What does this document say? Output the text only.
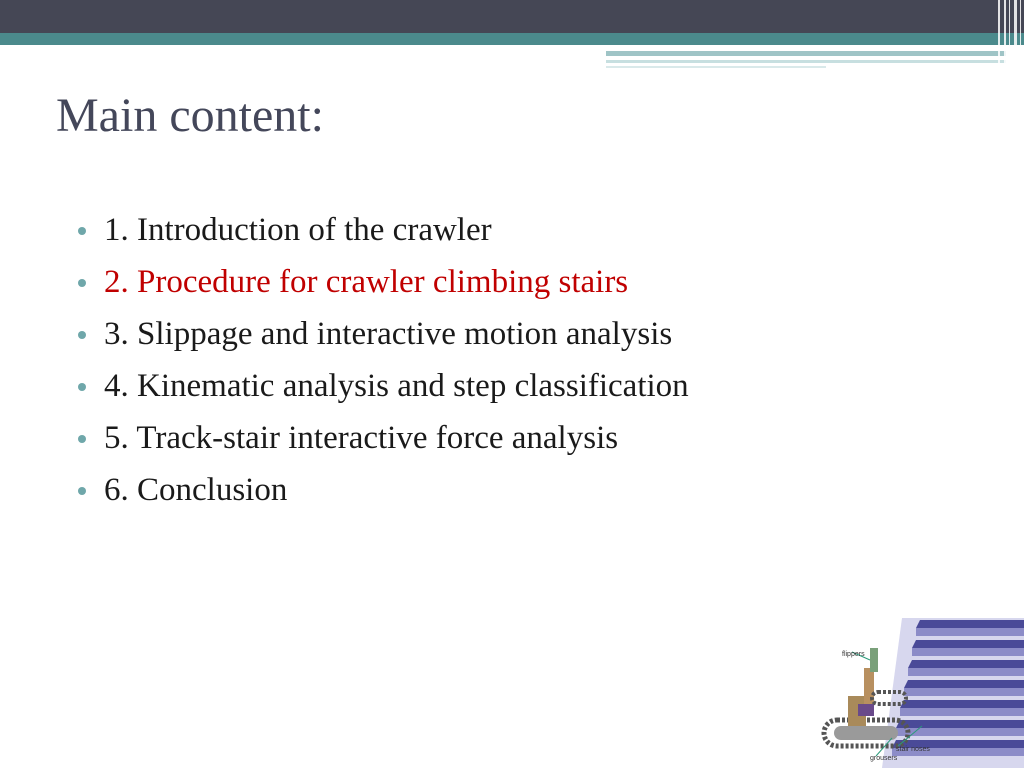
Main content:
1. Introduction of the crawler
2. Procedure for crawler climbing stairs
3. Slippage and interactive motion analysis
4. Kinematic analysis and step classification
5. Track-stair interactive force analysis
6. Conclusion
flippers
stair noses
grousers
